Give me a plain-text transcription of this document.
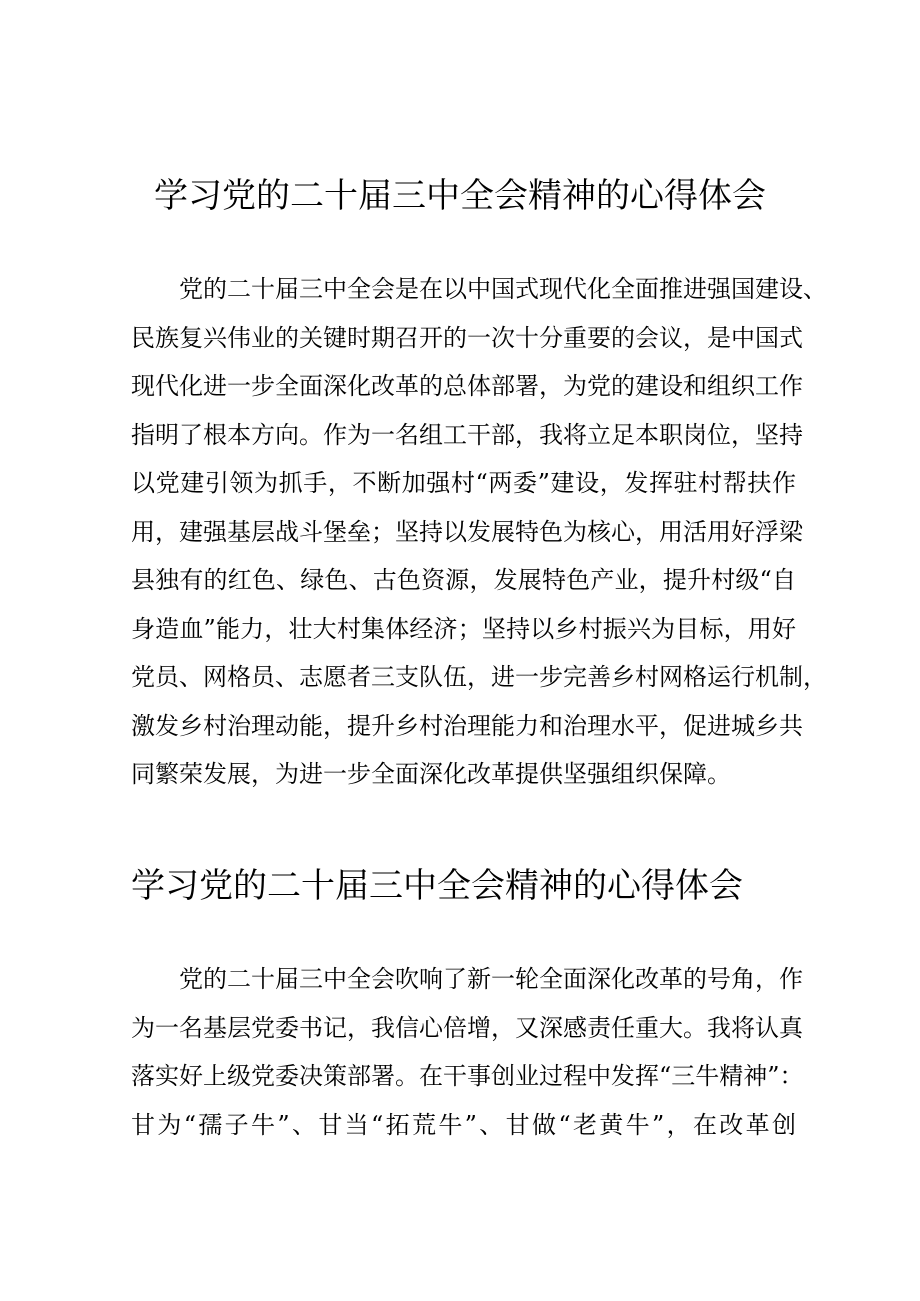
学习党的二十届三中全会精神的心得体会
党的二十届三中全会是在以中国式现代化全面推进强国建设、
民族复兴伟业的关键时期召开的一次十分重要的会议，是中国式
现代化进一步全面深化改革的总体部署，为党的建设和组织工作
指明了根本方向。作为一名组工干部，我将立足本职岗位，坚持
以党建引领为抓手，不断加强村“两委”建设，发挥驻村帮扶作
用，建强基层战斗堡垒；坚持以发展特色为核心，用活用好浮梁
县独有的红色、绿色、古色资源，发展特色产业，提升村级“自
身造血”能力，壮大村集体经济；坚持以乡村振兴为目标，用好
党员、网格员、志愿者三支队伍，进一步完善乡村网格运行机制，
激发乡村治理动能，提升乡村治理能力和治理水平，促进城乡共
同繁荣发展，为进一步全面深化改革提供坚强组织保障。
学习党的二十届三中全会精神的心得体会
党的二十届三中全会吹响了新一轮全面深化改革的号角，作
为一名基层党委书记，我信心倍增，又深感责任重大。我将认真
落实好上级党委决策部署。在干事创业过程中发挥“三牛精神”：
甘为“孺子牛”、甘当“拓荒牛”、甘做“老黄牛”，在改革创
